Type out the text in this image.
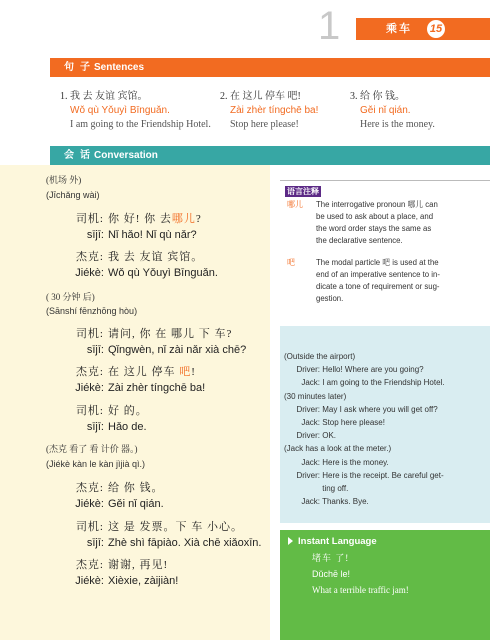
1	乘车	15
句子
Sentences
1. 我 去 友谊 宾馆。
Wǒ qù Yǒuyì Bīnguǎn.
I am going to the Friendship Hotel.
2. 在 这儿 停车 吧!
Zài zhèr tíngchē ba!
Stop here please!
3. 给 你 钱。
Gěi nǐ qián.
Here is the money.
会话
Conversation
(机场 外)
(Jīchǎng wài)
司机: 你 好! 你 去哪儿?
sījī: Nǐ hǎo! Nǐ qù nǎr?
杰克: 我 去 友谊 宾馆。
Jiékè: Wǒ qù Yǒuyì Bīnguǎn.
( 30 分钟 后)
(Sānshí fēnzhōng hòu)
司机: 请问, 你 在 哪儿 下 车?
sījī: Qǐngwèn, nǐ zài nǎr xià chē?
杰克: 在 这儿 停车 吧!
Jiékè: Zài zhèr tíngchē ba!
司机: 好 的。
sījī: Hǎo de.
(杰克 看了 看 计价 器。)
(Jiékè kàn le kàn jìjià qì.)
杰克: 给 你 钱。
Jiékè: Gěi nǐ qián.
司机: 这 是 发票。下 车 小心。
sījī: Zhè shì fāpiào. Xià chē xiǎoxīn.
杰克: 谢谢, 再见!
Jiékè: Xièxie, zàijiàn!
语言注释
哪儿 The interrogative pronoun 哪儿 can
be used to ask about a place, and
the word order stays the same as
the declarative sentence.
吧	The modal particle 吧 is used at the
end of an imperative sentence to in-
dicate a tone of requirement or sug-
gestion.
(Outside the airport)
Driver: Hello! Where are you going?
Jack: I am going to the Friendship Hotel.
(30 minutes later)
Driver: May I ask where you will get off?
Jack: Stop here please!
Driver: OK.
(Jack has a look at the meter.)
Jack: Here is the money.
Driver: Here is the receipt. Be careful get-
ting off.
Jack: Thanks. Bye.
Instant Language
堵车 了!
Dǔchē le!
What a terrible traffic jam!
